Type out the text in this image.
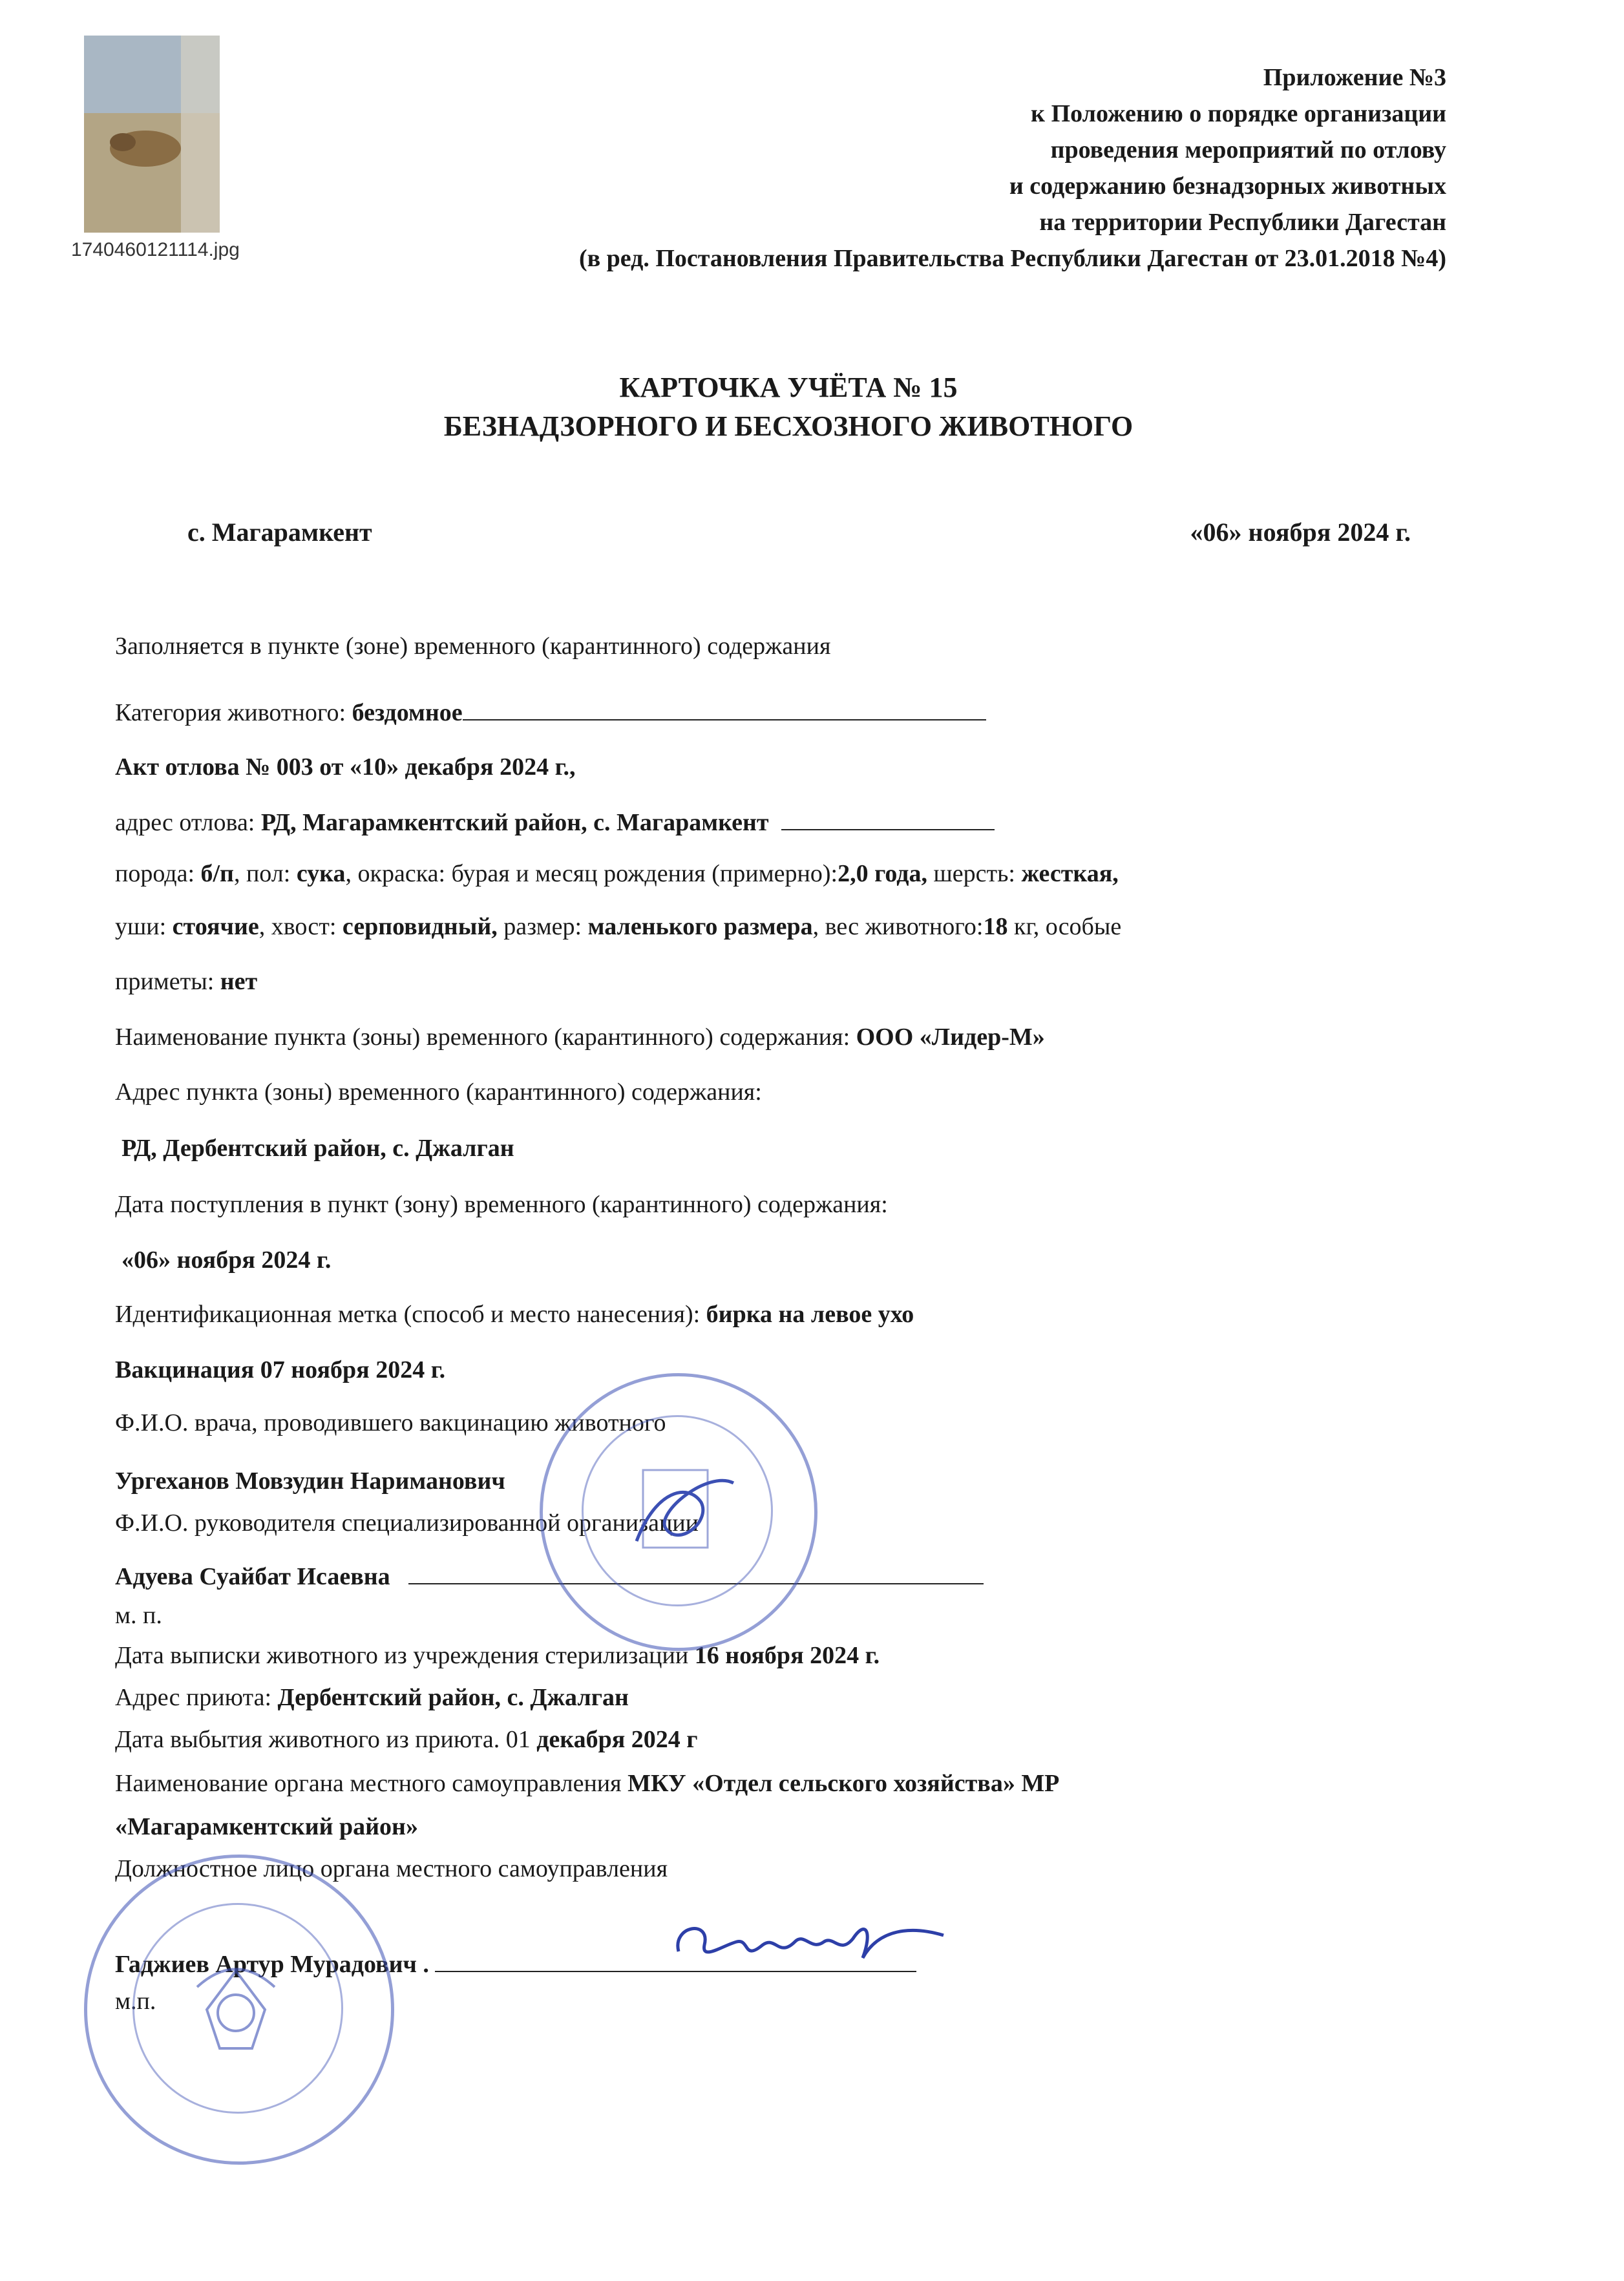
1740460121114.jpg
Приложение №3
к Положению о порядке организации
проведения мероприятий по отлову
и содержанию безнадзорных животных
на территории Республики Дагестан
(в ред. Постановления Правительства Республики Дагестан от 23.01.2018 №4)
КАРТОЧКА УЧЁТА № 15
БЕЗНАДЗОРНОГО И БЕСХОЗНОГО ЖИВОТНОГО
с. Магарамкент	«06» ноября 2024 г.
Заполняется в пункте (зоне) временного (карантинного) содержания
Категория животного: бездомное
Акт отлова № 003 от «10» декабря 2024 г.,
адрес отлова: РД, Магарамкентский район, с. Магарамкент
порода: б/п, пол: сука, окраска: бурая и месяц рождения (примерно):2,0 года, шерсть: жесткая,
уши: стоячие, хвост: серповидный, размер: маленького размера, вес животного:18 кг, особые
приметы: нет
Наименование пункта (зоны) временного (карантинного) содержания: ООО «Лидер-М»
Адрес пункта (зоны) временного (карантинного) содержания:
РД, Дербентский район, с. Джалган
Дата поступления в пункт (зону) временного (карантинного) содержания:
«06» ноября 2024 г.
Идентификационная метка (способ и место нанесения): бирка на левое ухо
Вакцинация 07 ноября 2024 г.
Ф.И.О. врача, проводившего вакцинацию животного
Ургеханов Мовзудин Нариманович
Ф.И.О. руководителя специализированной организации
Адуева Суайбат Исаевна
м. п.
Дата выписки животного из учреждения стерилизации 16 ноября 2024 г.
Адрес приюта: Дербентский район, с. Джалган
Дата выбытия животного из приюта. 01 декабря 2024 г
Наименование органа местного самоуправления МКУ «Отдел сельского хозяйства» МР
«Магарамкентский район»
Должностное лицо органа местного самоуправления
Гаджиев Артур Мурадович .
м.п.
